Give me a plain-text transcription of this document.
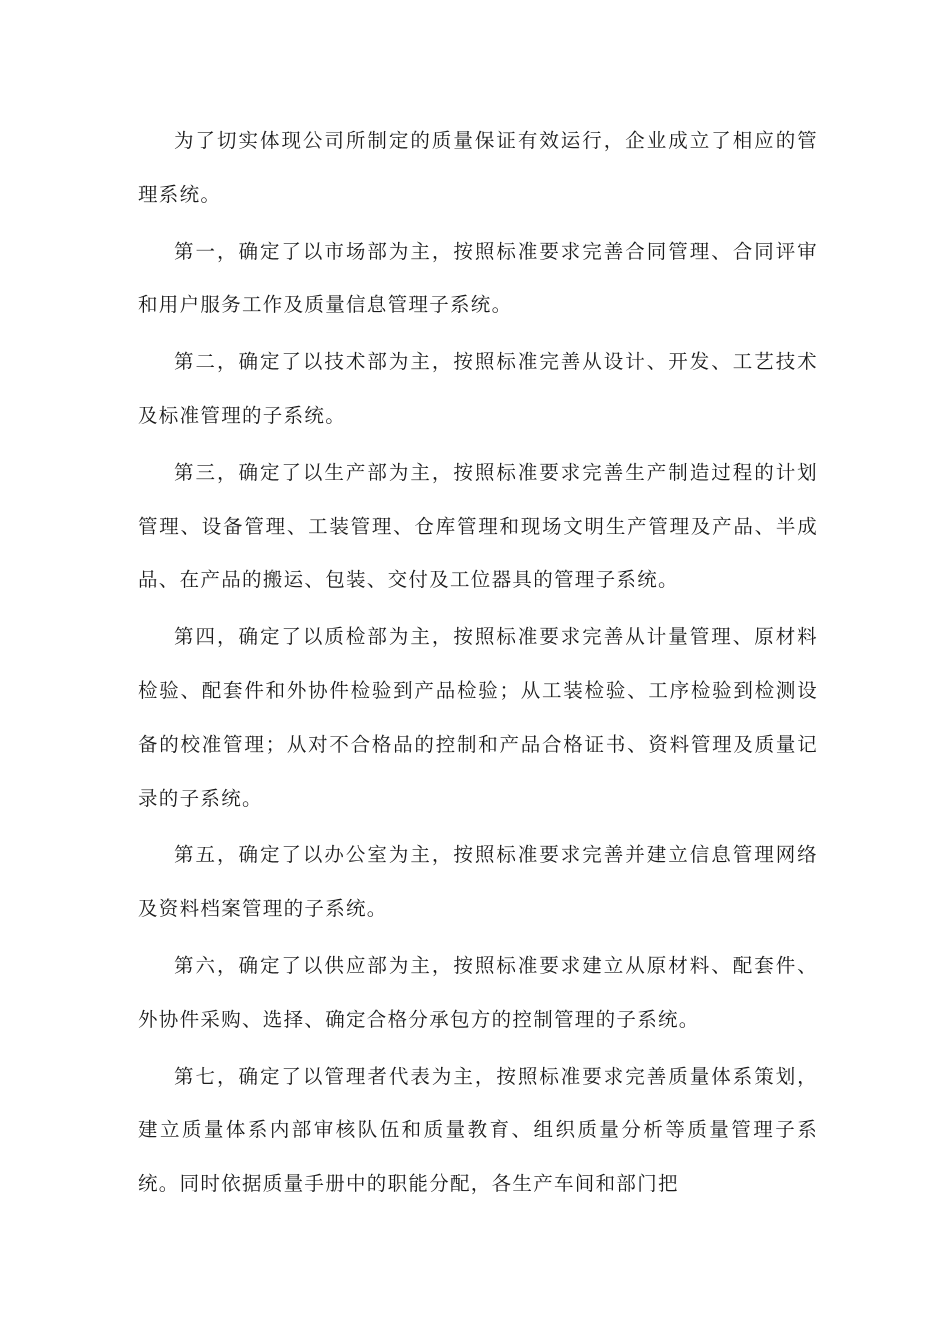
为了切实体现公司所制定的质量保证有效运行，企业成立了相应的管理系统。

第一，确定了以市场部为主，按照标准要求完善合同管理、合同评审和用户服务工作及质量信息管理子系统。

第二，确定了以技术部为主，按照标准完善从设计、开发、工艺技术及标准管理的子系统。

第三，确定了以生产部为主，按照标准要求完善生产制造过程的计划管理、设备管理、工装管理、仓库管理和现场文明生产管理及产品、半成品、在产品的搬运、包装、交付及工位器具的管理子系统。

第四，确定了以质检部为主，按照标准要求完善从计量管理、原材料检验、配套件和外协件检验到产品检验；从工装检验、工序检验到检测设备的校准管理；从对不合格品的控制和产品合格证书、资料管理及质量记录的子系统。

第五，确定了以办公室为主，按照标准要求完善并建立信息管理网络及资料档案管理的子系统。

第六，确定了以供应部为主，按照标准要求建立从原材料、配套件、外协件采购、选择、确定合格分承包方的控制管理的子系统。

第七，确定了以管理者代表为主，按照标准要求完善质量体系策划，建立质量体系内部审核队伍和质量教育、组织质量分析等质量管理子系统。同时依据质量手册中的职能分配，各生产车间和部门把
